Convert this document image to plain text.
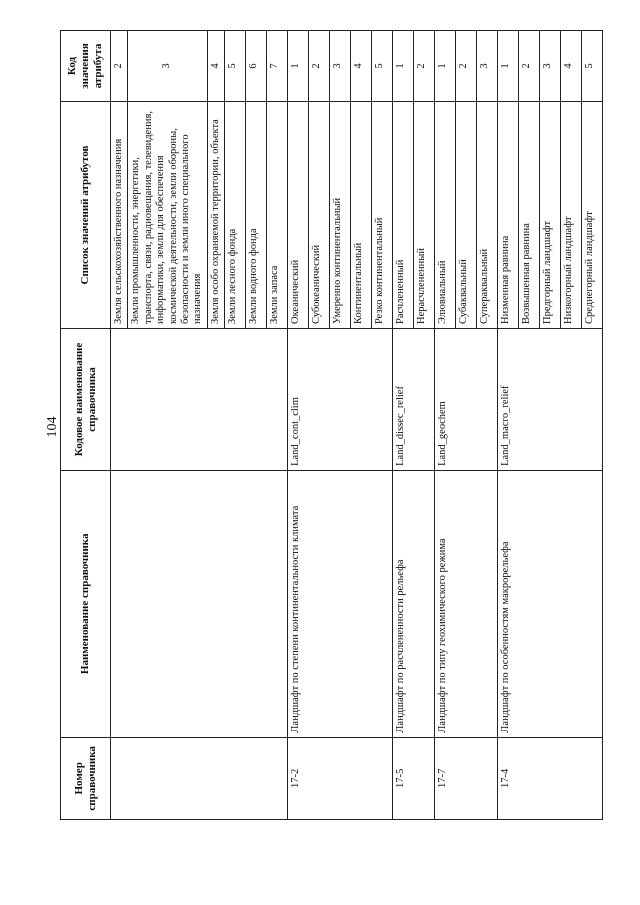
104
Номер справочника	Наименование справочника	Кодовое наименование справочника	Список значений атрибутов	Код значения атрибута
			Земля сельскохозяйственного назначения	2
			Земли промышленности, энергетики, транспорта, связи, радиовещания, телевидения, информатики, земли для обеспечения космической деятельности, земли обороны, безопасности и земли иного специального назначения	3
			Земля особо охраняемой территории, объекта	4
			Земли лесного фонда	5
			Земли водного фонда	6
			Земли запаса	7
17-2	Ландшафт по степени континентальности климата	Land_cont_clim	Океанический	1
			Субокеанический	2
			Умеренно континентальный	3
			Континентальный	4
			Резко континентальный	5
17-5	Ландшафт по расчлененности рельефа	Land_dissec_relief	Расчлененный	1
			Нерасчлененный	2
17-7	Ландшафт по типу геохимического режима	Land_geochem	Элювиальный	1
			Субаквальный	2
			Супераквальный	3
17-4	Ландшафт по особенностям макрорельефа	Land_macro_relief	Низменная равнина	1
			Возвышенная равнина	2
			Предгорный ландшафт	3
			Низкогорный ландшафт	4
			Среднегорный ландшафт	5
